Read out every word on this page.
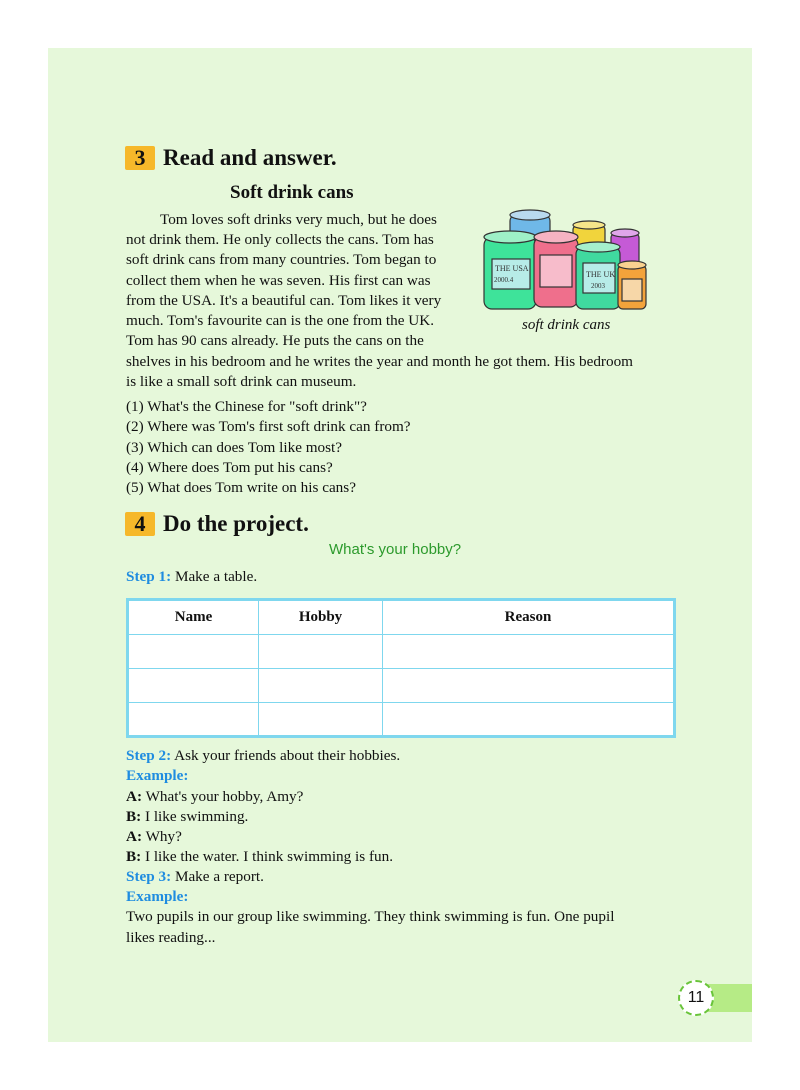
3 Read and answer.
Soft drink cans
Tom loves soft drinks very much, but he does
not drink them. He only collects the cans. Tom has
soft drink cans from many countries. Tom began to
collect them when he was seven. His first can was
from the USA. It's a beautiful can. Tom likes it very
much. Tom's favourite can is the one from the UK.
Tom has 90 cans already. He puts the cans on the
shelves in his bedroom and he writes the year and month he got them. His bedroom
is like a small soft drink can museum.
THE USA
2000.4
THE UK
2003
soft drink cans
(1) What's the Chinese for "soft drink"?
(2) Where was Tom's first soft drink can from?
(3) Which can does Tom like most?
(4) Where does Tom put his cans?
(5) What does Tom write on his cans?
4 Do the project.
What's your hobby?
Step 1: Make a table.
Name	Hobby	Reason

Step 2: Ask your friends about their hobbies.
Example:
A: What's your hobby, Amy?
B: I like swimming.
A: Why?
B: I like the water. I think swimming is fun.
Step 3: Make a report.
Example:
Two pupils in our group like swimming. They think swimming is fun. One pupil
likes reading...
11
